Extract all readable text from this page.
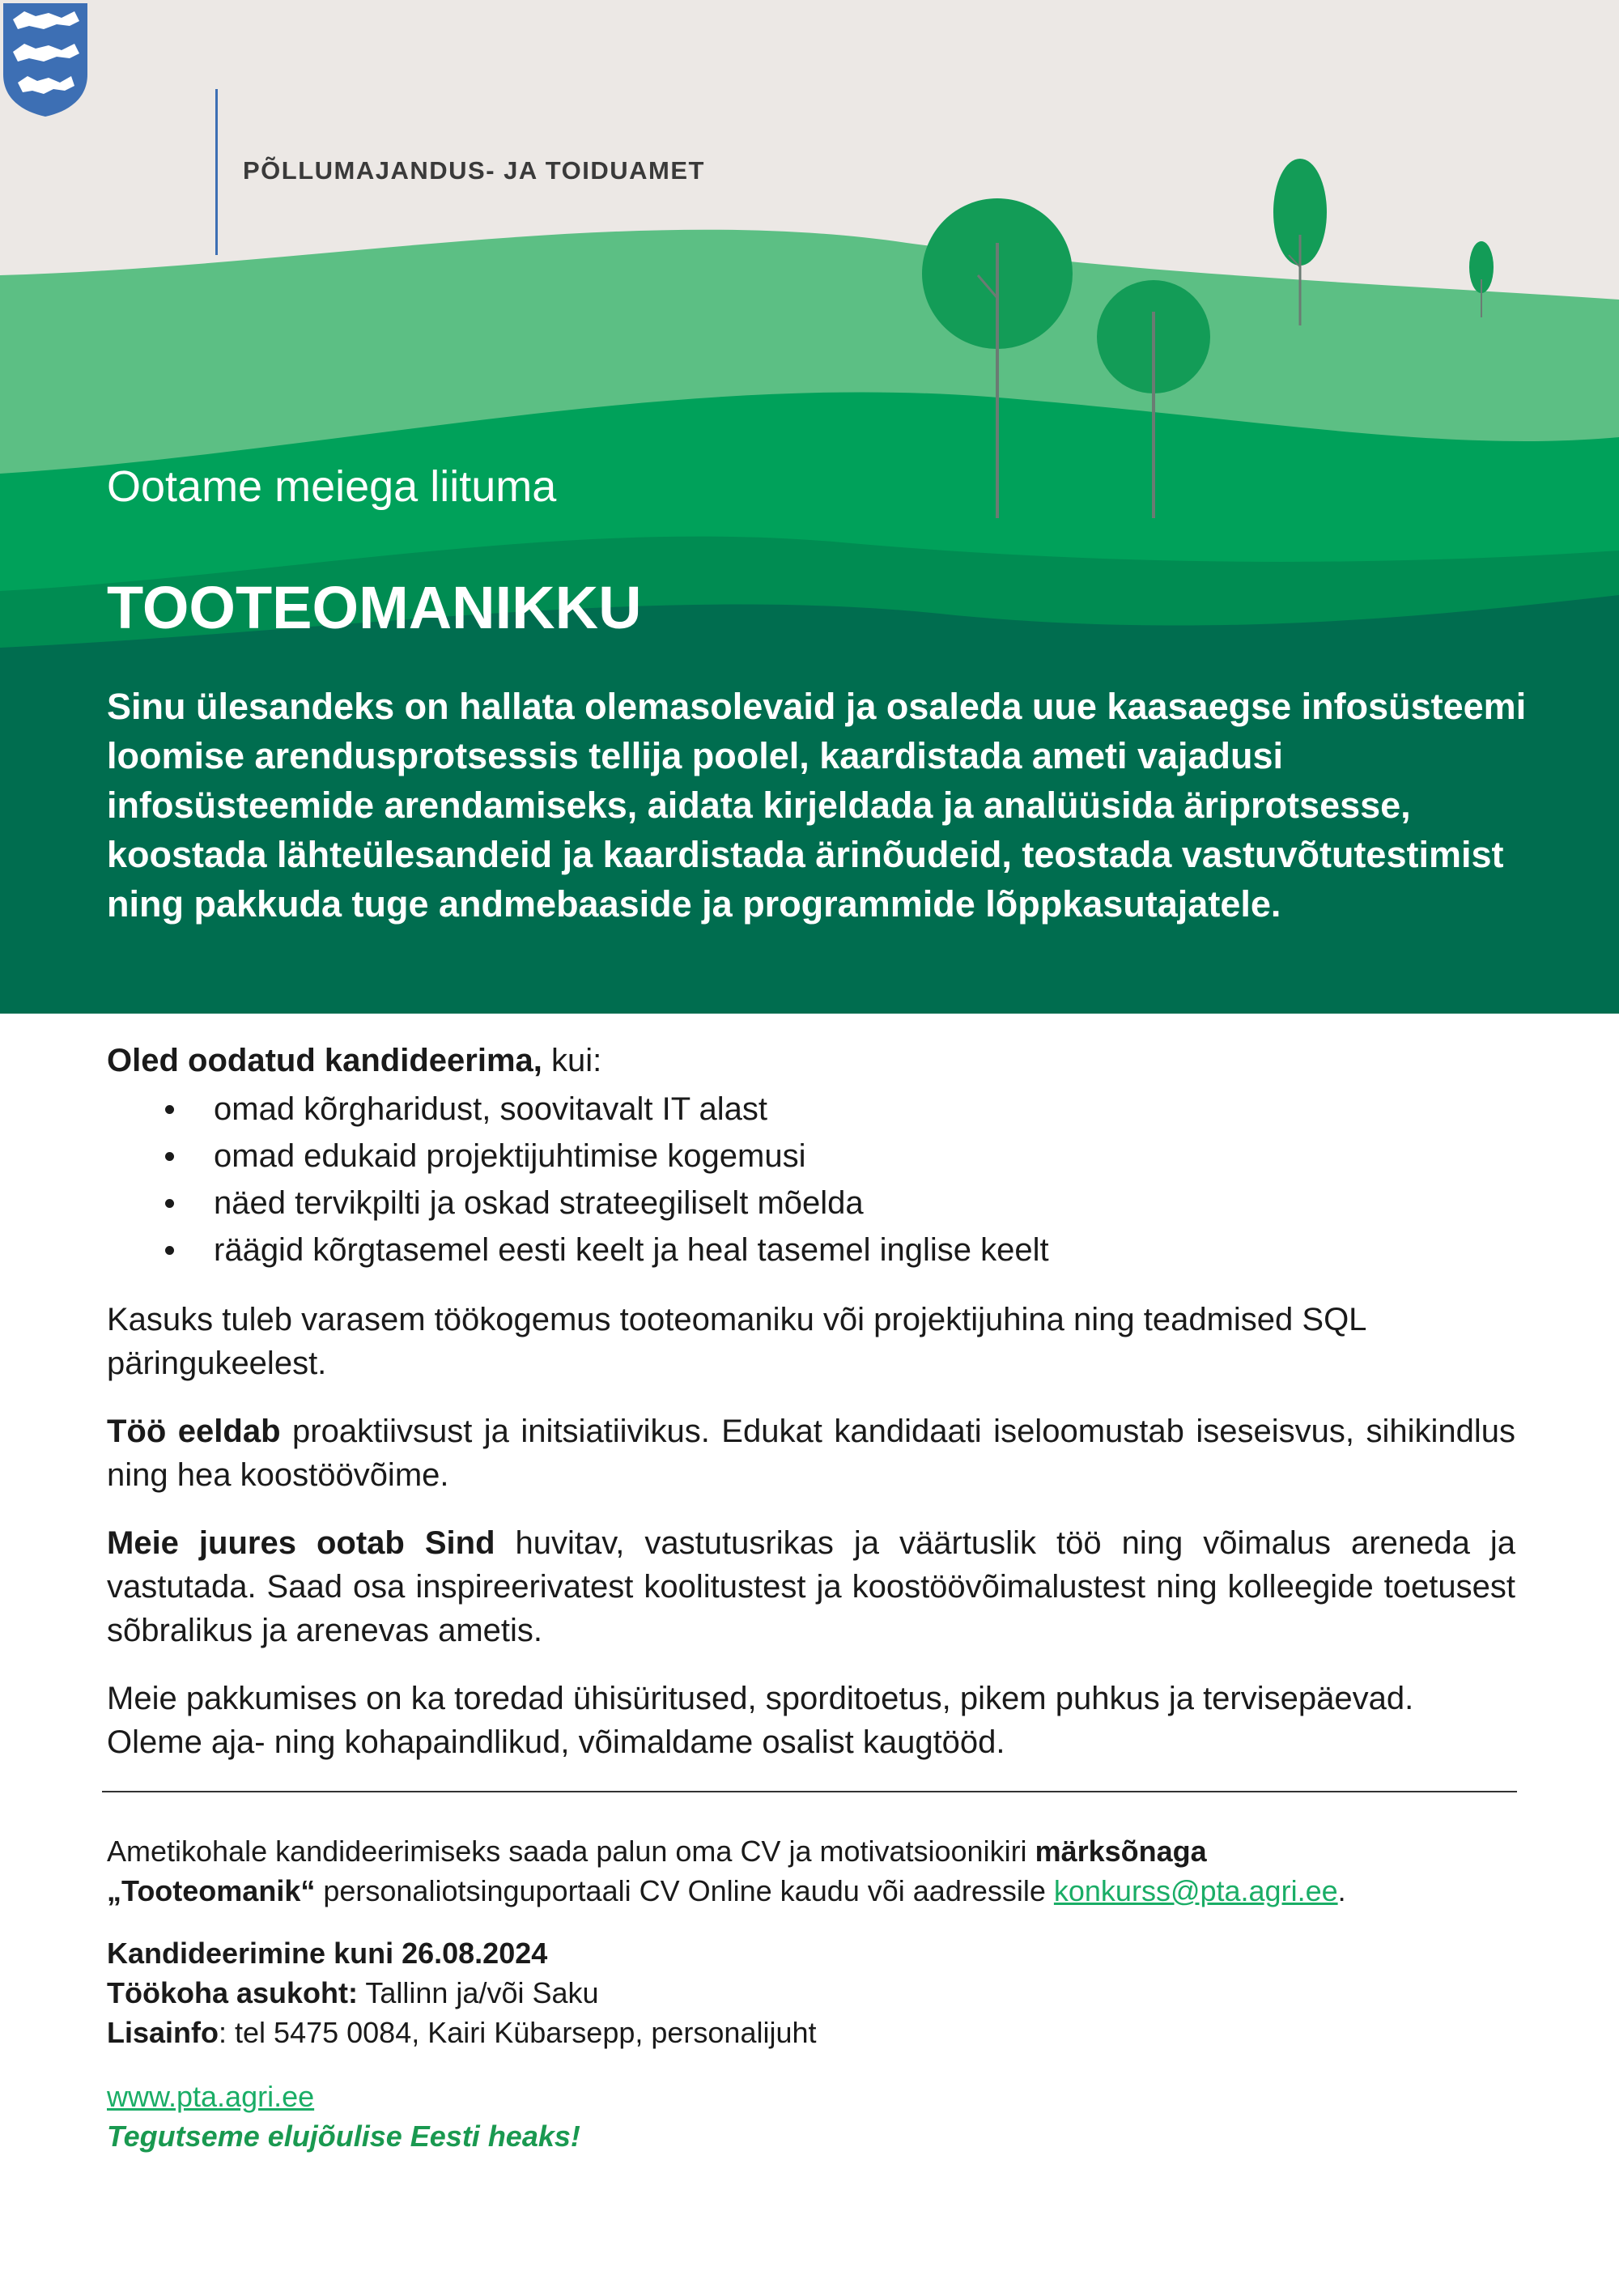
PÕLLUMAJANDUS- JA TOIDUAMET
Ootame meiega liituma
TOOTEOMANIKKU

Sinu ülesandeks on hallata olemasolevaid ja osaleda uue kaasaegse infosüsteemi loomise arendusprotsessis tellija poolel, kaardistada ameti vajadusi infosüsteemide arendamiseks, aidata kirjeldada ja analüüsida äriprotsesse, koostada lähteülesandeid ja kaardistada ärinõudeid, teostada vastuvõtutestimist ning pakkuda tuge andmebaaside ja programmide lõppkasutajatele.

Oled oodatud kandideerima, kui:

omad kõrgharidust, soovitavalt IT alast
omad edukaid projektijuhtimise kogemusi
näed tervikpilti ja oskad strateegiliselt mõelda
räägid kõrgtasemel eesti keelt ja heal tasemel inglise keelt

Kasuks tuleb varasem töökogemus tooteomaniku või projektijuhina ning teadmised SQL päringukeelest.

Töö eeldab proaktiivsust ja initsiatiivikus. Edukat kandidaati iseloomustab iseseisvus, sihikindlus ning hea koostöövõime.

Meie juures ootab Sind huvitav, vastutusrikas ja väärtuslik töö ning võimalus areneda ja vastutada. Saad osa inspireerivatest koolitustest ja koostöövõimalustest ning kolleegide toetusest sõbralikus ja arenevas ametis.

Meie pakkumises on ka toredad ühisüritused, sporditoetus, pikem puhkus ja tervisepäevad. Oleme aja- ning kohapaindlikud, võimaldame osalist kaugtööd.

Ametikohale kandideerimiseks saada palun oma CV ja motivatsioonikiri märksõnaga
„Tooteomanik“ personaliotsinguportaali CV Online kaudu või aadressile konkurss@pta.agri.ee.

Kandideerimine kuni 26.08.2024

Töökoha asukoht: Tallinn ja/või Saku

Lisainfo: tel 5475 0084, Kairi Kübarsepp, personalijuht

www.pta.agri.ee

Tegutseme elujõulise Eesti heaks!
